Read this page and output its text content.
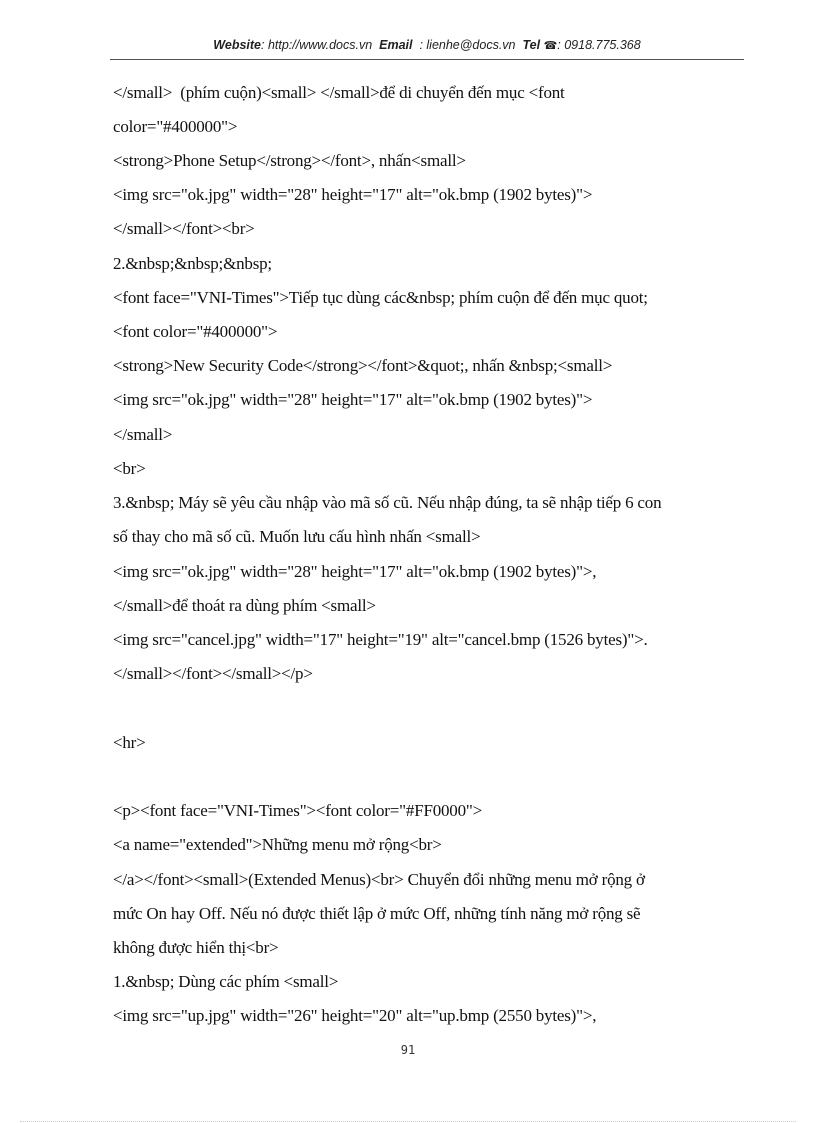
Website: http://www.docs.vn Email : lienhe@docs.vn Tel ☎: 0918.775.368
</small>  (phím cuộn)<small> </small>để di chuyển đến mục <font
color="#400000">
<strong>Phone Setup</strong></font>, nhấn<small>
<img src="ok.jpg" width="28" height="17" alt="ok.bmp (1902 bytes)">
</small></font><br>
2.&nbsp;&nbsp;&nbsp;
<font face="VNI-Times">Tiếp tục dùng các&nbsp; phím cuộn để đến mục quot;
<font color="#400000">
<strong>New Security Code</strong></font>&quot;, nhấn &nbsp;<small>
<img src="ok.jpg" width="28" height="17" alt="ok.bmp (1902 bytes)">
</small>
<br>
3.&nbsp; Máy sẽ yêu cầu nhập vào mã số cũ. Nếu nhập đúng, ta sẽ nhập tiếp 6 con
số thay cho mã số cũ. Muốn lưu cấu hình nhấn <small>
<img src="ok.jpg" width="28" height="17" alt="ok.bmp (1902 bytes)">,
</small>để thoát ra dùng phím <small>
<img src="cancel.jpg" width="17" height="19" alt="cancel.bmp (1526 bytes)">.
</small></font></small></p>
<hr>
<p><font face="VNI-Times"><font color="#FF0000">
<a name="extended">Những menu mở rộng<br>
</a></font><small>(Extended Menus)<br> Chuyển đổi những menu mở rộng ở
mức On hay Off. Nếu nó được thiết lập ở mức Off, những tính năng mở rộng sẽ
không được hiển thị<br>
1.&nbsp; Dùng các phím <small>
<img src="up.jpg" width="26" height="20" alt="up.bmp (2550 bytes)">,
91
